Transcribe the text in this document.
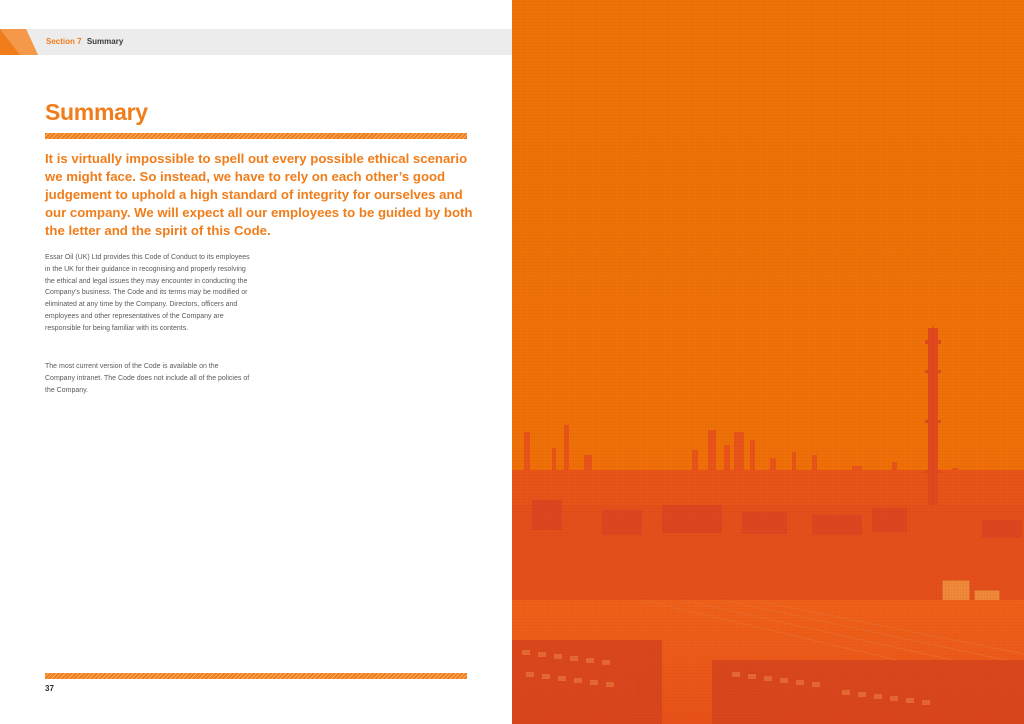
Section 7 Summary
Summary

It is virtually impossible to spell out every possible ethical scenario we might face. So instead, we have to rely on each other’s good judgement to uphold a high standard of integrity for ourselves and our company. We will expect all our employees to be guided by both the letter and the spirit of this Code.

Essar Oil (UK) Ltd provides this Code of Conduct to its employees in the UK for their guidance in recognising and properly resolving the ethical and legal issues they may encounter in conducting the Company’s business. The Code and its terms may be modified or eliminated at any time by the Company. Directors, officers and employees and other representatives of the Company are responsible for being familiar with its contents.

The most current version of the Code is available on the Company intranet. The Code does not include all of the policies of the Company.

37
